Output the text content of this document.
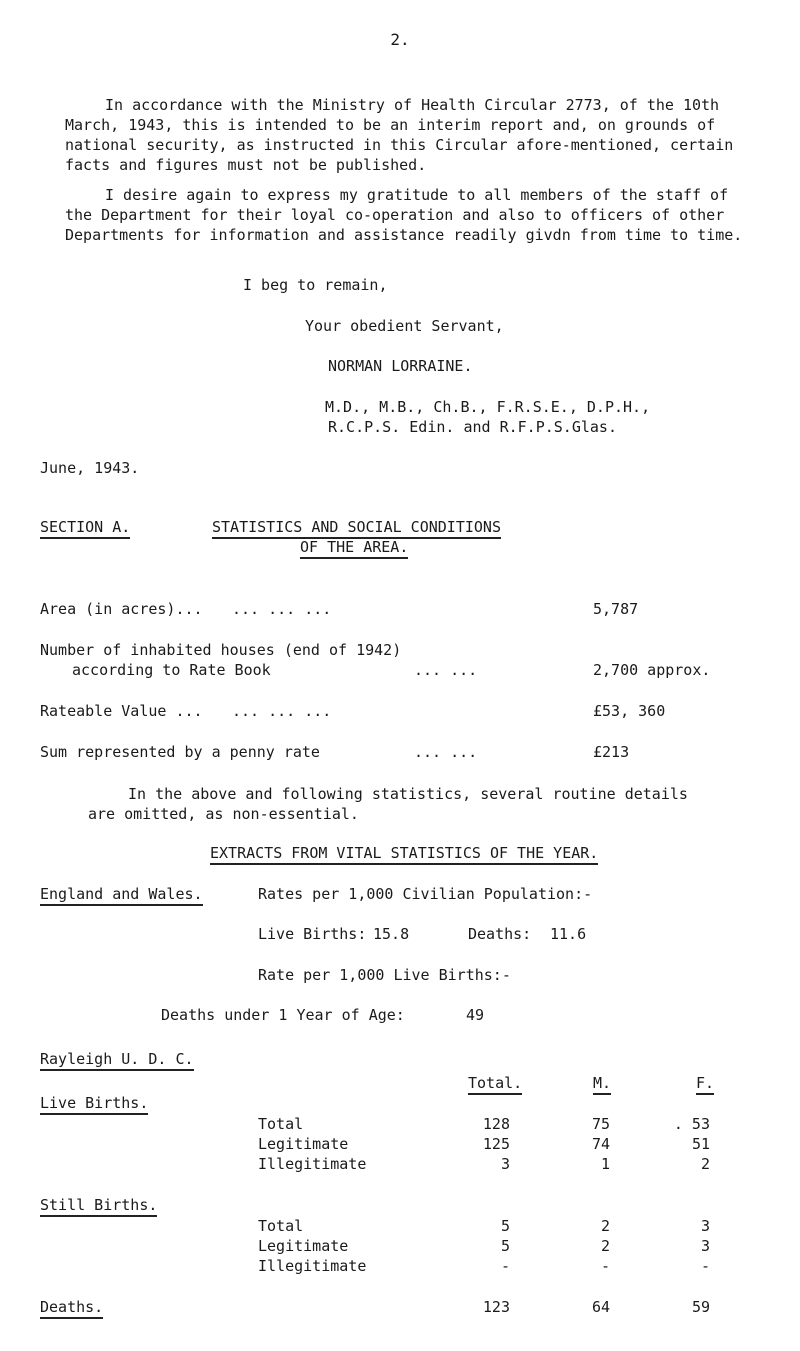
2.
In accordance with the Ministry of Health Circular 2773, of the 10th March, 1943, this is intended to be an interim report and, on grounds of national security, as instructed in this Circular afore-mentioned, certain facts and figures must not be published.
I desire again to express my gratitude to all members of the staff of the Department for their loyal co-operation and also to officers of other Departments for information and assistance readily givdn from time to time.
I beg to remain,
Your obedient Servant,
NORMAN LORRAINE.
M.D., M.B., Ch.B., F.R.S.E., D.P.H.,
R.C.P.S. Edin. and R.F.P.S.Glas.
June, 1943.
SECTION A.	STATISTICS AND SOCIAL CONDITIONS
OF THE AREA.
Area (in acres)... ... ... ...	5,787
Number of inhabited houses (end of 1942)
according to Rate Book	... ...	2,700 approx.
Rateable Value ... ... ... ...	£53, 360
Sum represented by a penny rate	... ...	£213
In the above and following statistics, several routine details are omitted, as non-essential.
EXTRACTS FROM VITAL STATISTICS OF THE YEAR.
England and Wales.	Rates per 1,000 Civilian Population:-
Live Births: 15.8	Deaths: 11.6
Rate per 1,000 Live Births:-
Deaths under 1 Year of Age:	49
Rayleigh U. D. C.
Total.	M.	F.
Live Births.
Total	128	75	. 53
Legitimate	125	74	51
Illegitimate	3	1	2
Still Births.
Total	5	2	3
Legitimate	5	2	3
Illegitimate	-	-	-
Deaths.	123	64	59
